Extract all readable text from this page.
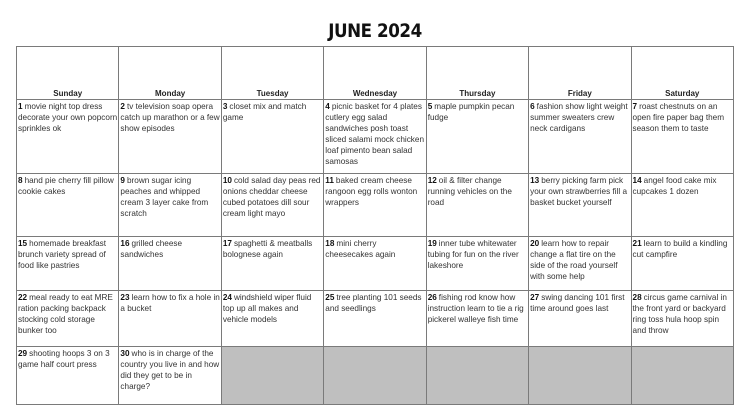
JUNE 2024
Sunday	Monday	Tuesday	Wednesday	Thursday	Friday	Saturday
1 movie night top dress decorate your own popcorn sprinkles ok	2 tv television soap opera catch up marathon or a few show episodes	3 closet mix and match game	4 picnic basket for 4 plates cutlery egg salad sandwiches posh toast sliced salami mock chicken loaf pimento bean salad samosas	5 maple pumpkin pecan fudge	6 fashion show light weight summer sweaters crew neck cardigans	7 roast chestnuts on an open fire paper bag them season them to taste
8 hand pie cherry fill pillow cookie cakes	9 brown sugar icing peaches and whipped cream 3 layer cake from scratch	10 cold salad day peas red onions cheddar cheese cubed potatoes dill sour cream light mayo	11 baked cream cheese rangoon egg rolls wonton wrappers	12 oil & filter change running vehicles on the road	13 berry picking farm pick your own strawberries fill a basket bucket yourself	14 angel food cake mix cupcakes 1 dozen
15 homemade breakfast brunch variety spread of food like pastries	16 grilled cheese sandwiches	17 spaghetti & meatballs bolognese again	18 mini cherry cheesecakes again	19 inner tube whitewater tubing for fun on the river lakeshore	20 learn how to repair change a flat tire on the side of the road yourself with some help	21 learn to build a kindling cut campfire
22 meal ready to eat MRE ration packing backpack stocking cold storage bunker too	23 learn how to fix a hole in a bucket	24 windshield wiper fluid top up all makes and vehicle models	25 tree planting 101 seeds and seedlings	26 fishing rod know how instruction learn to tie a rig pickerel walleye fish time	27 swing dancing 101 first time around goes last	28 circus game carnival in the front yard or backyard ring toss hula hoop spin and throw
29 shooting hoops 3 on 3 game half court press	30 who is in charge of the country you live in and how did they get to be in charge?					
